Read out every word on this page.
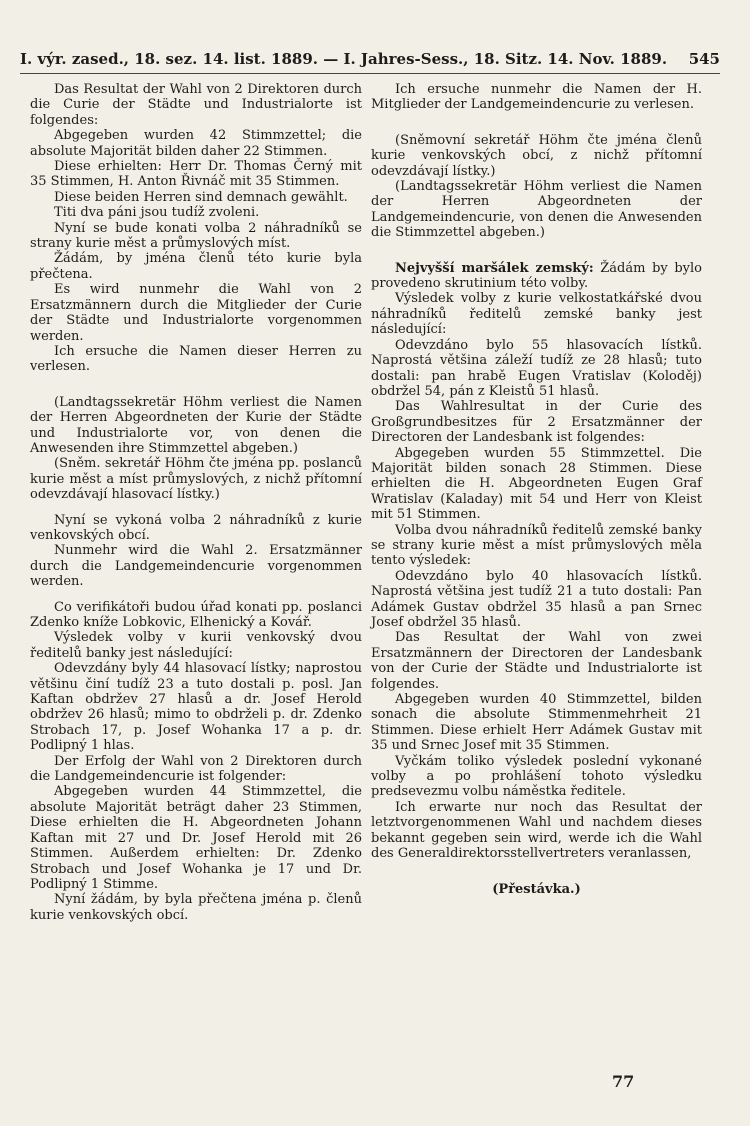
I. výr. zased., 18. sez. 14. list. 1889. — I. Jahres-Sess., 18. Sitz. 14. Nov. 1889. 545

Das Resultat der Wahl von 2 Direktoren durch die Curie der Städte und Industrialorte ist folgendes:

Abgegeben wurden 42 Stimmzettel; die absolute Majorität bilden daher 22 Stimmen.

Diese erhielten: Herr Dr. Thomas Černý mit 35 Stimmen, H. Anton Řivnáč mit 35 Stimmen.

Diese beiden Herren sind demnach gewählt.

Titi dva páni jsou tudíž zvoleni.

Nyní se bude konati volba 2 náhradníků se strany kurie měst a průmyslových míst.

Žádám, by jména členů této kurie byla přečtena.

Es wird nunmehr die Wahl von 2 Ersatzmännern durch die Mitglieder der Curie der Städte und Industrialorte vorgenommen werden.

Ich ersuche die Namen dieser Herren zu verlesen.

(Landtagssekretär Höhm verliest die Namen der Herren Abgeordneten der Kurie der Städte und Industrialorte vor, von denen die Anwesenden ihre Stimmzettel abgeben.)

(Sněm. sekretář Höhm čte jména pp. poslanců kurie měst a míst průmyslových, z nichž přítomní odevzdávají hlasovací lístky.)

Nyní se vykoná volba 2 náhradníků z kurie venkovských obcí.

Nunmehr wird die Wahl 2. Ersatzmänner durch die Landgemeindencurie vorgenommen werden.

Co verifikátoři budou úřad konati pp. poslanci Zdenko kníže Lobkovic, Elhenický a Kovář.

Výsledek volby v kurii venkovský dvou ředitelů banky jest následující:

Odevzdány byly 44 hlasovací lístky; naprostou většinu činí tudíž 23 a tuto dostali p. posl. Jan Kaftan obdržev 27 hlasů a dr. Josef Herold obdržev 26 hlasů; mimo to obdrželi p. dr. Zdenko Strobach 17, p. Josef Wohanka 17 a p. dr. Podlipný 1 hlas.

Der Erfolg der Wahl von 2 Direktoren durch die Landgemeindencurie ist folgender:

Abgegeben wurden 44 Stimmzettel, die absolute Majorität beträgt daher 23 Stimmen, Diese erhielten die H. Abgeordneten Johann Kaftan mit 27 und Dr. Josef Herold mit 26 Stimmen. Außerdem erhielten: Dr. Zdenko Strobach und Josef Wohanka je 17 und Dr. Podlipný 1 Stimme.

Nyní žádám, by byla přečtena jména p. členů kurie venkovských obcí.

Ich ersuche nunmehr die Namen der H. Mitglieder der Landgemeindencurie zu verlesen.

(Sněmovní sekretář Höhm čte jména členů kurie venkovských obcí, z nichž přítomní odevzdávají lístky.)

(Landtagssekretär Höhm verliest die Namen der Herren Abgeordneten der Landgemeindencurie, von denen die Anwesenden die Stimmzettel abgeben.)

Nejvyšší maršálek zemský: Žádám by bylo provedeno skrutinium této volby.

Výsledek volby z kurie velkostatkářské dvou náhradníků ředitelů zemské banky jest následující:

Odevzdáno bylo 55 hlasovacích lístků. Naprostá většina záleží tudíž ze 28 hlasů; tuto dostali: pan hrabě Eugen Vratislav (Koloděj) obdržel 54, pán z Kleistů 51 hlasů.

Das Wahlresultat in der Curie des Großgrundbesitzes für 2 Ersatzmänner der Directoren der Landesbank ist folgendes:

Abgegeben wurden 55 Stimmzettel. Die Majorität bilden sonach 28 Stimmen. Diese erhielten die H. Abgeordneten Eugen Graf Wratislav (Kaladay) mit 54 und Herr von Kleist mit 51 Stimmen.

Volba dvou náhradníků ředitelů zemské banky se strany kurie měst a míst průmyslových měla tento výsledek:

Odevzdáno bylo 40 hlasovacích lístků. Naprostá většina jest tudíž 21 a tuto dostali: Pan Adámek Gustav obdržel 35 hlasů a pan Srnec Josef obdržel 35 hlasů.

Das Resultat der Wahl von zwei Ersatzmännern der Directoren der Landesbank von der Curie der Städte und Industrialorte ist folgendes.

Abgegeben wurden 40 Stimmzettel, bilden sonach die absolute Stimmenmehrheit 21 Stimmen. Diese erhielt Herr Adámek Gustav mit 35 und Srnec Josef mit 35 Stimmen.

Vyčkám toliko výsledek poslední vykonané volby a po prohlášení tohoto výsledku predsevezmu volbu náměstka ředitele.

Ich erwarte nur noch das Resultat der letztvorgenommenen Wahl und nachdem dieses bekannt gegeben sein wird, werde ich die Wahl des Generaldirektorsstellvertreters veranlassen,

(Přestávka.)

77
